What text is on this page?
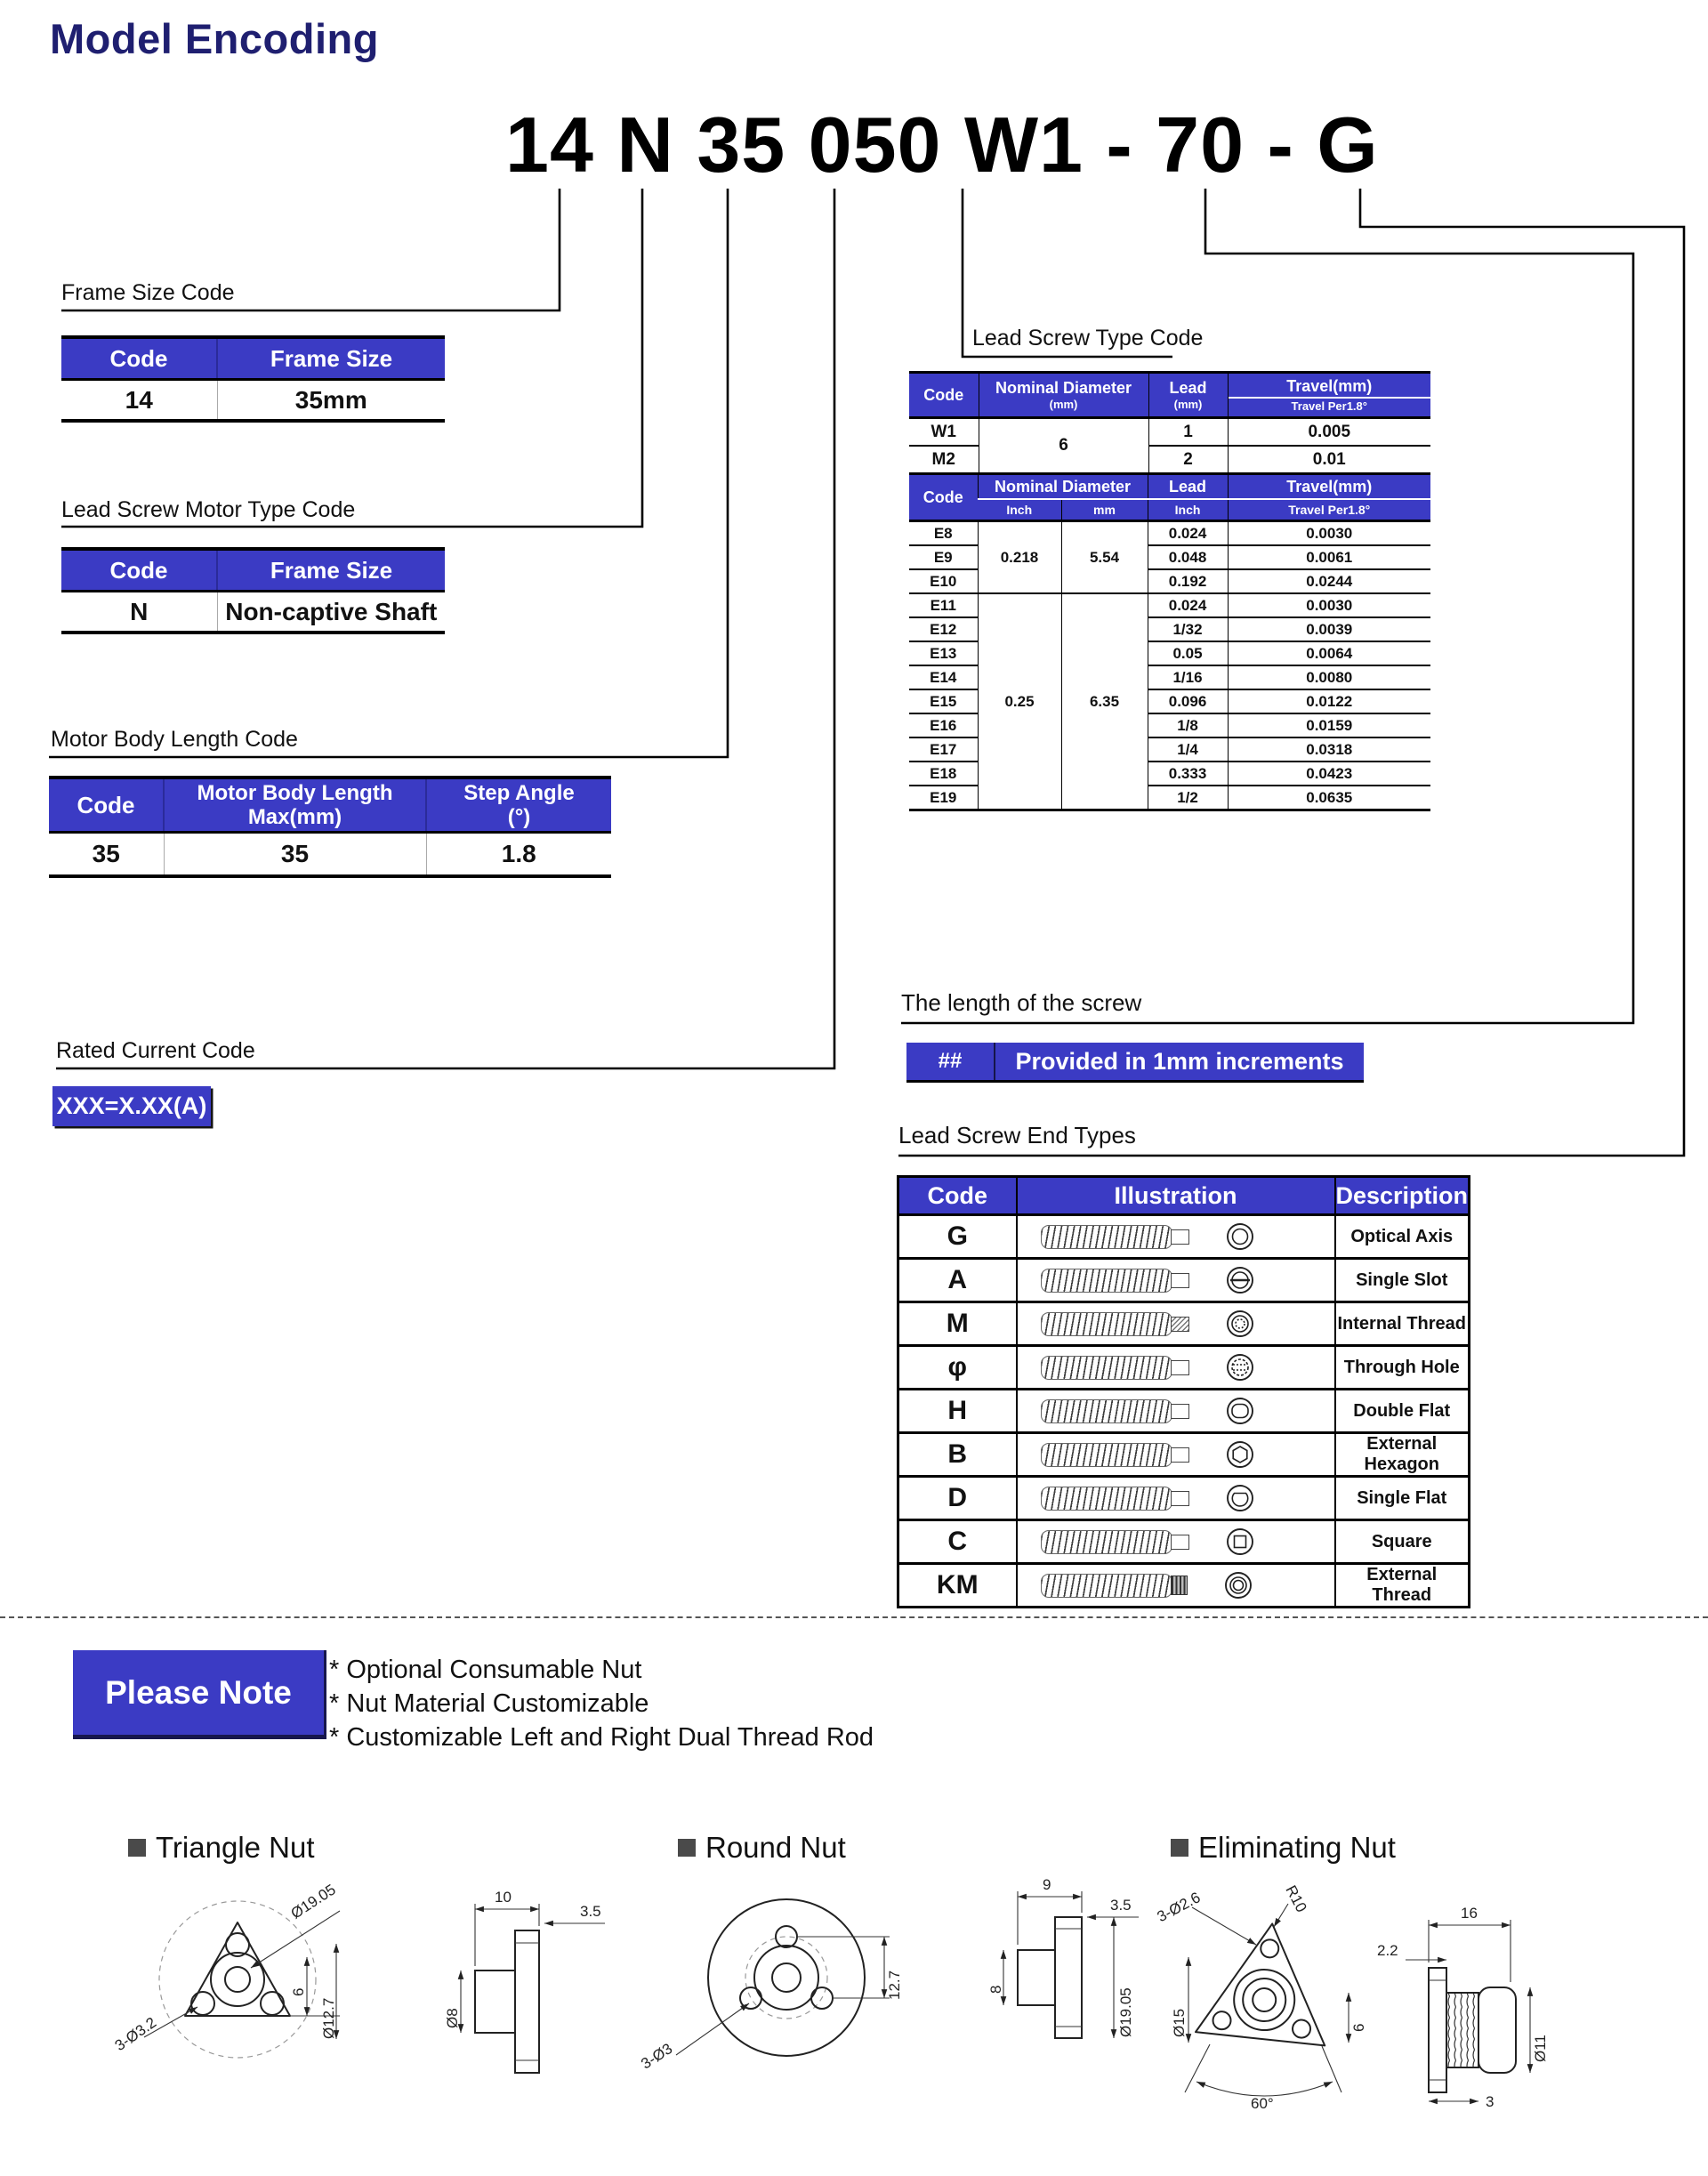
Model Encoding
14 N 35 050 W1 - 70 - G
Frame Size Code
Lead Screw Motor Type Code
Motor Body Length Code
Rated Current Code
Lead Screw Type Code
The length of the screw
Lead Screw End Types
Code	Frame Size
14	35mm
Code	Frame Size
N	Non-captive Shaft
Code	Motor Body Length
Max(mm)

Step Angle
(°)

35	35	1.8
XXX=X.XX(A)
Code	Nominal Diameter
(mm)

Lead
(mm)

Travel(mm)
Travel Per1.8°

W1	6	1	0.005
M2		2	0.01
Code	Nominal Diameter		Lead	Travel(mm)
	Inch	mm	Inch	Travel Per1.8°
E8	0.218	5.54	0.024	0.0030
E9			0.048	0.0061
E10			0.192	0.0244
E11	0.25	6.35	0.024	0.0030
E12			1/32	0.0039
E13			0.05	0.0064
E14			1/16	0.0080
E15			0.096	0.0122
E16			1/8	0.0159
E17			1/4	0.0318
E18			0.333	0.0423
E19			1/2	0.0635
##	Provided in 1mm increments
Code	Illustration	Description
G		Optical Axis
A		Single Slot
M		Internal Thread
φ		Through Hole
H		Double Flat
B		External Hexagon
D		Single Flat
C		Square
KM		External Thread
Please Note
* Optional Consumable Nut
* Nut Material Customizable
* Customizable Left and Right Dual Thread Rod
Triangle Nut	Round Nut	Eliminating Nut
Ø19.05
6
Ø12.7
3-Ø3.2
10
3.5
Ø8
12.7
3-Ø3
9
3.5
8	Ø19.05
3-Ø2.6	R10
Ø15	6
60°
16
2.2
Ø11
3
